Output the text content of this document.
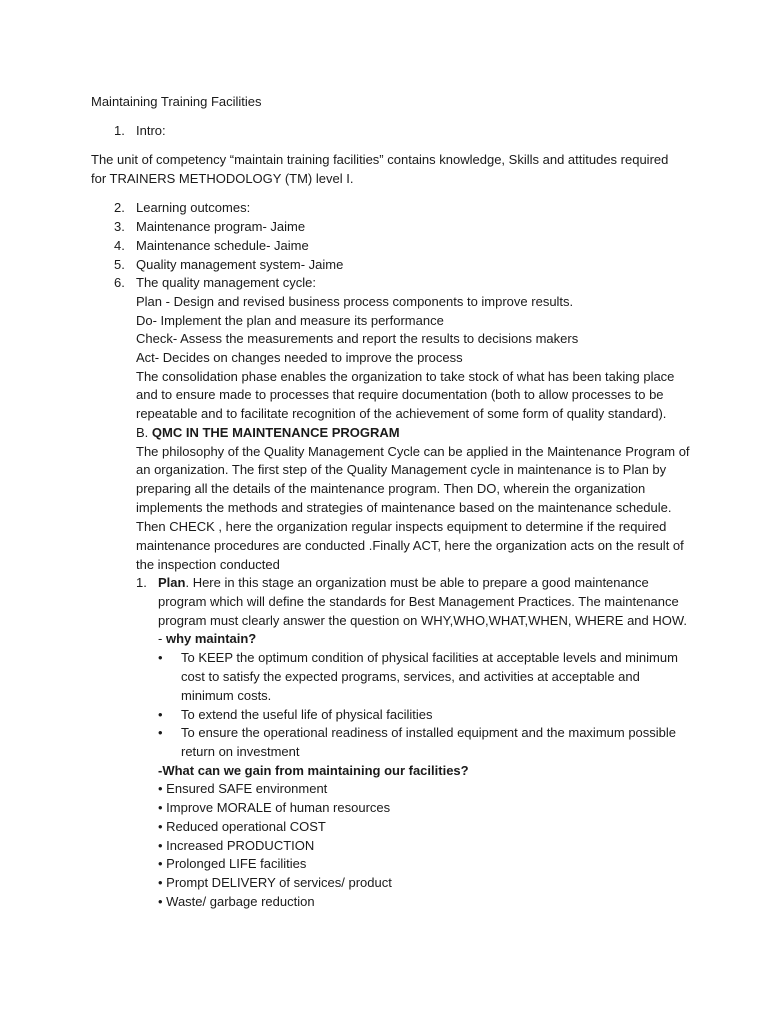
Maintaining Training Facilities
1. Intro:
The unit of competency “maintain training facilities” contains knowledge, Skills and attitudes required
for TRAINERS METHODOLOGY (TM) level I.
2. Learning outcomes:
3. Maintenance program- Jaime
4. Maintenance schedule- Jaime
5. Quality management system- Jaime
6. The quality management cycle:
Plan - Design and revised business process components to improve results.
Do- Implement the plan and measure its performance
Check- Assess the measurements and report the results to decisions makers
Act- Decides on changes needed to improve the process
The consolidation phase enables the organization to take stock of what has been taking place
and to ensure made to processes that require documentation (both to allow processes to be
repeatable and to facilitate recognition of the achievement of some form of quality standard).
B. QMC IN THE MAINTENANCE PROGRAM
The philosophy of the Quality Management Cycle can be applied in the Maintenance Program of
an organization. The first step of the Quality Management cycle in maintenance is to Plan by
preparing all the details of the maintenance program. Then DO, wherein the organization
implements the methods and strategies of maintenance based on the maintenance schedule.
Then CHECK , here the organization regular inspects equipment to determine if the required
maintenance procedures are conducted .Finally ACT, here the organization acts on the result of
the inspection conducted
1. Plan. Here in this stage an organization must be able to prepare a good maintenance
program which will define the standards for Best Management Practices. The maintenance
program must clearly answer the question on WHY,WHO,WHAT,WHEN, WHERE and HOW.
- why maintain?
• To KEEP the optimum condition of physical facilities at acceptable levels and minimum
cost to satisfy the expected programs, services, and activities at acceptable and
minimum costs.
• To extend the useful life of physical facilities
• To ensure the operational readiness of installed equipment and the maximum possible
return on investment
-What can we gain from maintaining our facilities?
• Ensured SAFE environment
• Improve MORALE of human resources
• Reduced operational COST
• Increased PRODUCTION
• Prolonged LIFE facilities
• Prompt DELIVERY of services/ product
• Waste/ garbage reduction
